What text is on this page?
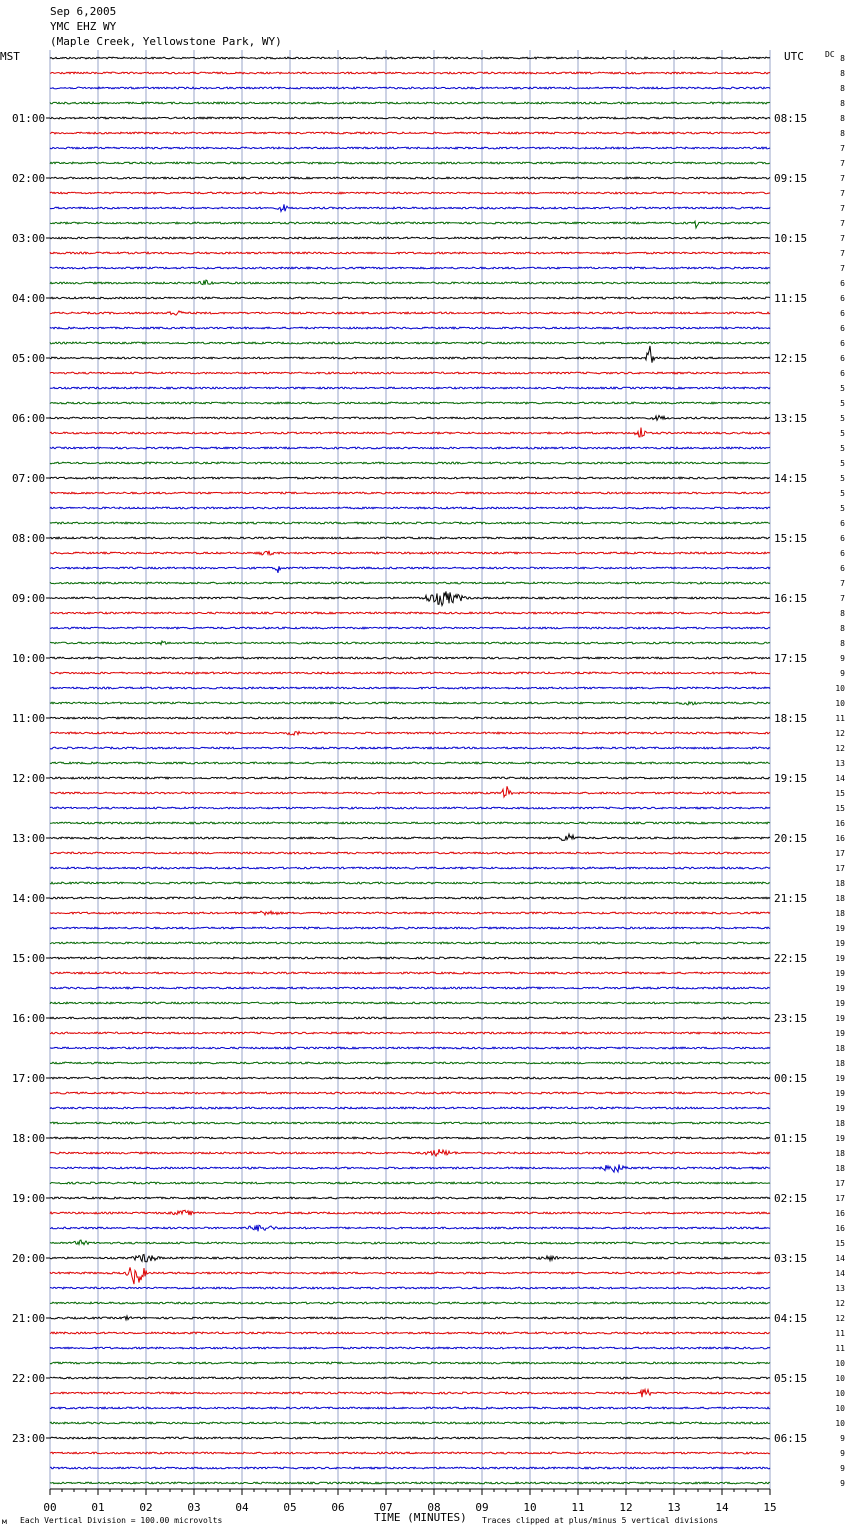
Sep 6,2005
YMC EHZ WY
(Maple Creek, Yellowstone Park, WY)
MST	UTC	DC
01:00
02:00
03:00
04:00
05:00
06:00
07:00
08:00
09:00
10:00
11:00
12:00
13:00
14:00
15:00
16:00
17:00
18:00
19:00
20:00
21:00
22:00
23:00
08:15
09:15
10:15
11:15
12:15
13:15
14:15
15:15
16:15
17:15
18:15
19:15
20:15
21:15
22:15
23:15
00:15
01:15
02:15
03:15
04:15
05:15
06:15
8
8
8
8
8
8
7
7
7
7
7
7
7
7
7
6
6
6
6
6
6
6
5
5
5
5
5
5
5
5
5
6
6
6
6
7
7
8
8
8
9
9
10
10
11
12
12
13
14
15
15
16
16
17
17
18
18
18
19
19
19
19
19
19
19
19
18
18
19
19
19
18
19
18
18
17
17
16
16
15
14
14
13
12
12
11
11
10
10
10
10
10
9
9
9
9
00	01	02	03	04	05	06	07	08	09	10	11	12	13	14	15
м Each Vertical Division = 100.00 microvolts	TIME (MINUTES) Traces clipped at plus/minus 5 vertical divisions
